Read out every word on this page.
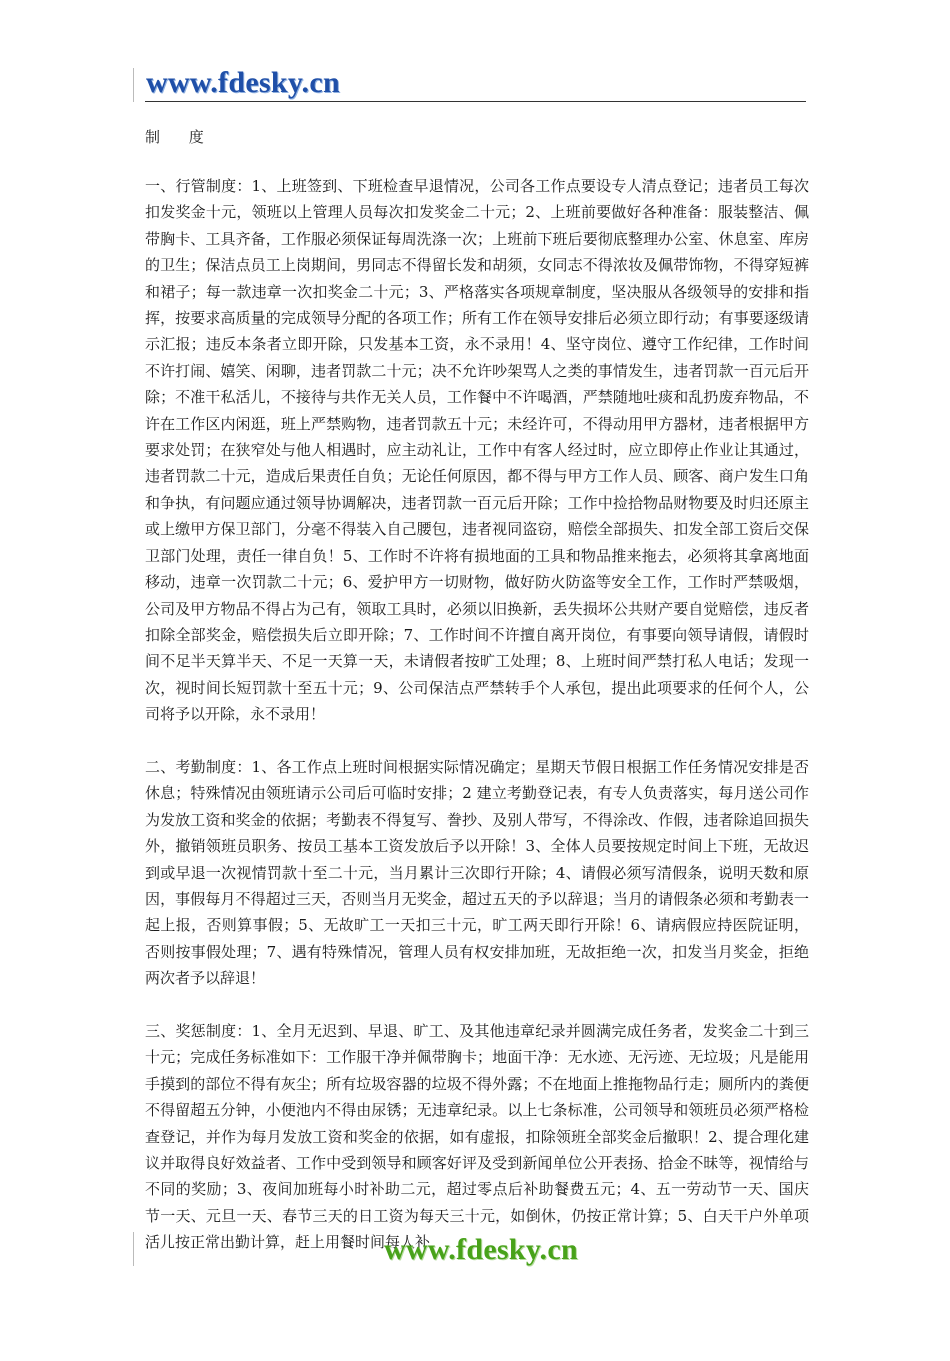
www.fdesky.cn
制 度

一、行管制度：1、上班签到、下班检查早退情况，公司各工作点要设专人清点登记；违者员工每次扣发奖金十元，领班以上管理人员每次扣发奖金二十元；2、上班前要做好各种准备：服装整洁、佩带胸卡、工具齐备，工作服必须保证每周洗涤一次；上班前下班后要彻底整理办公室、休息室、库房的卫生；保洁点员工上岗期间，男同志不得留长发和胡须，女同志不得浓妆及佩带饰物，不得穿短裤和裙子；每一款违章一次扣奖金二十元；3、严格落实各项规章制度，坚决服从各级领导的安排和指挥，按要求高质量的完成领导分配的各项工作；所有工作在领导安排后必须立即行动；有事要逐级请示汇报；违反本条者立即开除，只发基本工资，永不录用！4、坚守岗位、遵守工作纪律，工作时间不许打闹、嬉笑、闲聊，违者罚款二十元；决不允许吵架骂人之类的事情发生，违者罚款一百元后开除；不准干私活儿，不接待与共作无关人员，工作餐中不许喝酒，严禁随地吐痰和乱扔废弃物品，不许在工作区内闲逛，班上严禁购物，违者罚款五十元；未经许可，不得动用甲方器材，违者根据甲方要求处罚；在狭窄处与他人相遇时，应主动礼让，工作中有客人经过时，应立即停止作业让其通过，违者罚款二十元，造成后果责任自负；无论任何原因，都不得与甲方工作人员、顾客、商户发生口角和争执，有问题应通过领导协调解决，违者罚款一百元后开除；工作中捡拾物品财物要及时归还原主或上缴甲方保卫部门，分毫不得装入自己腰包，违者视同盗窃，赔偿全部损失、扣发全部工资后交保卫部门处理，责任一律自负！5、工作时不许将有损地面的工具和物品推来拖去，必须将其拿离地面移动，违章一次罚款二十元；6、爱护甲方一切财物，做好防火防盗等安全工作，工作时严禁吸烟，公司及甲方物品不得占为己有，领取工具时，必须以旧换新，丢失损坏公共财产要自觉赔偿，违反者扣除全部奖金，赔偿损失后立即开除；7、工作时间不许擅自离开岗位，有事要向领导请假，请假时间不足半天算半天、不足一天算一天，未请假者按旷工处理；8、上班时间严禁打私人电话；发现一次，视时间长短罚款十至五十元；9、公司保洁点严禁转手个人承包，提出此项要求的任何个人，公司将予以开除，永不录用！

二、考勤制度：1、各工作点上班时间根据实际情况确定；星期天节假日根据工作任务情况安排是否休息；特殊情况由领班请示公司后可临时安排；2 建立考勤登记表，有专人负责落实，每月送公司作为发放工资和奖金的依据；考勤表不得复写、誊抄、及别人带写，不得涂改、作假，违者除追回损失外，撤销领班员职务、按员工基本工资发放后予以开除！3、全体人员要按规定时间上下班，无故迟到或早退一次视情罚款十至二十元，当月累计三次即行开除；4、请假必须写清假条，说明天数和原因，事假每月不得超过三天，否则当月无奖金，超过五天的予以辞退；当月的请假条必须和考勤表一起上报，否则算事假；5、无故旷工一天扣三十元，旷工两天即行开除！6、请病假应持医院证明，否则按事假处理；7、遇有特殊情况，管理人员有权安排加班，无故拒绝一次，扣发当月奖金，拒绝两次者予以辞退！

三、奖惩制度：1、全月无迟到、早退、旷工、及其他违章纪录并圆满完成任务者，发奖金二十到三十元；完成任务标准如下：工作服干净并佩带胸卡；地面干净：无水迹、无污迹、无垃圾；凡是能用手摸到的部位不得有灰尘；所有垃圾容器的垃圾不得外露；不在地面上推拖物品行走；厕所内的粪便不得留超五分钟，小便池内不得由尿锈；无违章纪录。以上七条标准，公司领导和领班员必须严格检查登记，并作为每月发放工资和奖金的依据，如有虚报，扣除领班全部奖金后撤职！2、提合理化建议并取得良好效益者、工作中受到领导和顾客好评及受到新闻单位公开表扬、拾金不昧等，视情给与不同的奖励；3、夜间加班每小时补助二元，超过零点后补助餐费五元；4、五一劳动节一天、国庆节一天、元旦一天、春节三天的日工资为每天三十元，如倒休，仍按正常计算；5、白天干户外单项活儿按正常出勤计算，赶上用餐时间每人补

www.fdesky.cn
